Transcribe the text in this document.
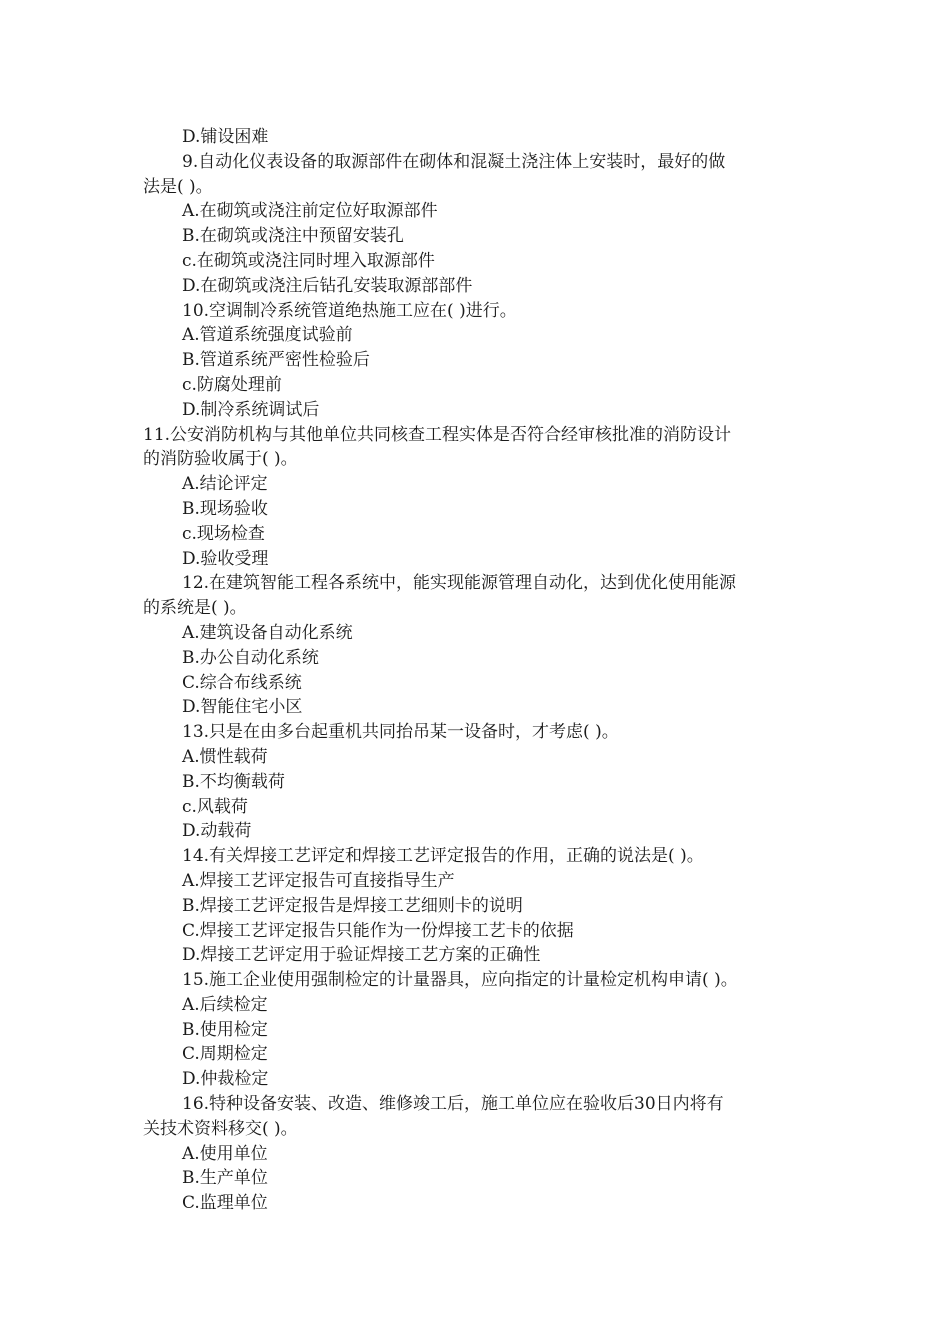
D.铺设困难
9.自动化仪表设备的取源部件在砌体和混凝土浇注体上安装时，最好的做
法是( )。
A.在砌筑或浇注前定位好取源部件
B.在砌筑或浇注中预留安装孔
c.在砌筑或浇注同时埋入取源部件
D.在砌筑或浇注后钻孔安装取源部部件
10.空调制冷系统管道绝热施工应在( )进行。
A.管道系统强度试验前
B.管道系统严密性检验后
c.防腐处理前
D.制冷系统调试后
11.公安消防机构与其他单位共同核查工程实体是否符合经审核批准的消防设计
的消防验收属于( )。
A.结论评定
B.现场验收
c.现场检查
D.验收受理
12.在建筑智能工程各系统中，能实现能源管理自动化，达到优化使用能源
的系统是( )。
A.建筑设备自动化系统
B.办公自动化系统
C.综合布线系统
D.智能住宅小区
13.只是在由多台起重机共同抬吊某一设备时，才考虑( )。
A.惯性载荷
B.不均衡载荷
c.风载荷
D.动载荷
14.有关焊接工艺评定和焊接工艺评定报告的作用，正确的说法是( )。
A.焊接工艺评定报告可直接指导生产
B.焊接工艺评定报告是焊接工艺细则卡的说明
C.焊接工艺评定报告只能作为一份焊接工艺卡的依据
D.焊接工艺评定用于验证焊接工艺方案的正确性
15.施工企业使用强制检定的计量器具，应向指定的计量检定机构申请( )。
A.后续检定
B.使用检定
C.周期检定
D.仲裁检定
16.特种设备安装、改造、维修竣工后，施工单位应在验收后30日内将有
关技术资料移交( )。
A.使用单位
B.生产单位
C.监理单位
